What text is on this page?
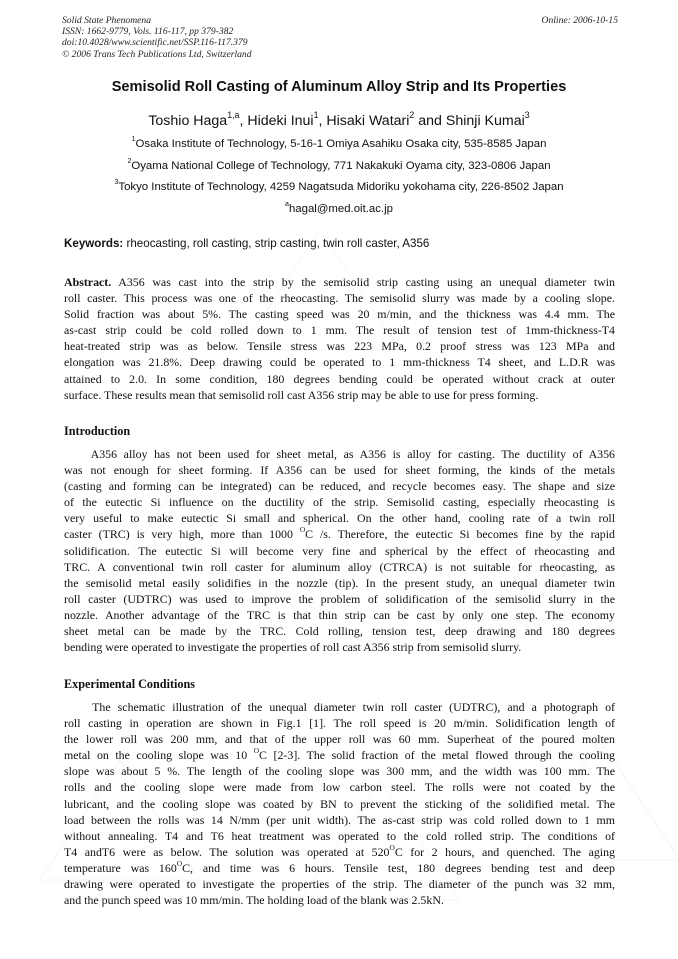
Solid State Phenomena
ISSN: 1662-9779, Vols. 116-117, pp 379-382
doi:10.4028/www.scientific.net/SSP.116-117.379
© 2006 Trans Tech Publications Ltd, Switzerland
Online: 2006-10-15
Semisolid Roll Casting of Aluminum Alloy Strip and Its Properties
Toshio Haga$^{1,a}$, Hideki Inui$^1$, Hisaki Watari$^2$ and Shinji Kumai$^3$
$^1$Osaka Institute of Technology, 5-16-1 Omiya Asahiku Osaka city, 535-8585 Japan
$^2$Oyama National College of Technology, 771 Nakakuki Oyama city, 323-0806 Japan
$^3$Tokyo Institute of Technology, 4259 Nagatsuda Midoriku yokohama city, 226-8502 Japan
$^a$hagal@med.oit.ac.jp
Keywords: rheocasting, roll casting, strip casting, twin roll caster, A356
Abstract. A356 was cast into the strip by the semisolid strip casting using an unequal diameter twin
roll caster. This process was one of the rheocasting. The semisolid slurry was made by a cooling slope.
Solid fraction was about 5%. The casting speed was 20 m/min, and the thickness was 4.4 mm. The
as-cast strip could be cold rolled down to 1 mm. The result of tension test of 1mm-thickness-T4
heat-treated strip was as below. Tensile stress was 223 MPa, 0.2 proof stress was 123 MPa and
elongation was 21.8%. Deep drawing could be operated to 1 mm-thickness T4 sheet, and L.D.R was
attained to 2.0. In some condition, 180 degrees bending could be operated without crack at outer
surface. These results mean that semisolid roll cast A356 strip may be able to use for press forming.
Introduction
A356 alloy has not been used for sheet metal, as A356 is alloy for casting. The ductility of A356
was not enough for sheet forming. If A356 can be used for sheet forming, the kinds of the metals
(casting and forming can be integrated) can be reduced, and recycle becomes easy. The shape and size
of the eutectic Si influence on the ductility of the strip. Semisolid casting, especially rheocasting is
very useful to make eutectic Si small and spherical. On the other hand, cooling rate of a twin roll
caster (TRC) is very high, more than 1000 $^O$C /s. Therefore, the eutectic Si becomes fine by the rapid
solidification. The eutectic Si will become very fine and spherical by the effect of rheocasting and
TRC. A conventional twin roll caster for aluminum alloy (CTRCA) is not suitable for rheocasting, as
the semisolid metal easily solidifies in the nozzle (tip). In the present study, an unequal diameter twin
roll caster (UDTRC) was used to improve the problem of solidification of the semisolid slurry in the
nozzle. Another advantage of the TRC is that thin strip can be cast by only one step. The economy
sheet metal can be made by the TRC. Cold rolling, tension test, deep drawing and 180 degrees
bending were operated to investigate the properties of roll cast A356 strip from semisolid slurry.
Experimental Conditions
The schematic illustration of the unequal diameter twin roll caster (UDTRC), and a photograph of
roll casting in operation are shown in Fig.1 [1]. The roll speed is 20 m/min. Solidification length of
the lower roll was 200 mm, and that of the upper roll was 60 mm. Superheat of the poured molten
metal on the cooling slope was 10 $^O$C [2-3]. The solid fraction of the metal flowed through the cooling
slope was about 5 %. The length of the cooling slope was 300 mm, and the width was 100 mm. The
rolls and the cooling slope were made from low carbon steel. The rolls were not coated by the
lubricant, and the cooling slope was coated by BN to prevent the sticking of the solidified metal. The
load between the rolls was 14 N/mm (per unit width). The as-cast strip was cold rolled down to 1 mm
without annealing. T4 and T6 heat treatment was operated to the cold rolled strip. The conditions of
T4 andT6 were as below. The solution was operated at $520^OC$ for 2 hours, and quenched. The aging
temperature was $160^OC$, and time was 6 hours. Tensile test, 180 degrees bending test and deep
drawing were operated to investigate the properties of the strip. The diameter of the punch was 32 mm,
and the punch speed was 10 mm/min. The holding load of the blank was 2.5kN.
